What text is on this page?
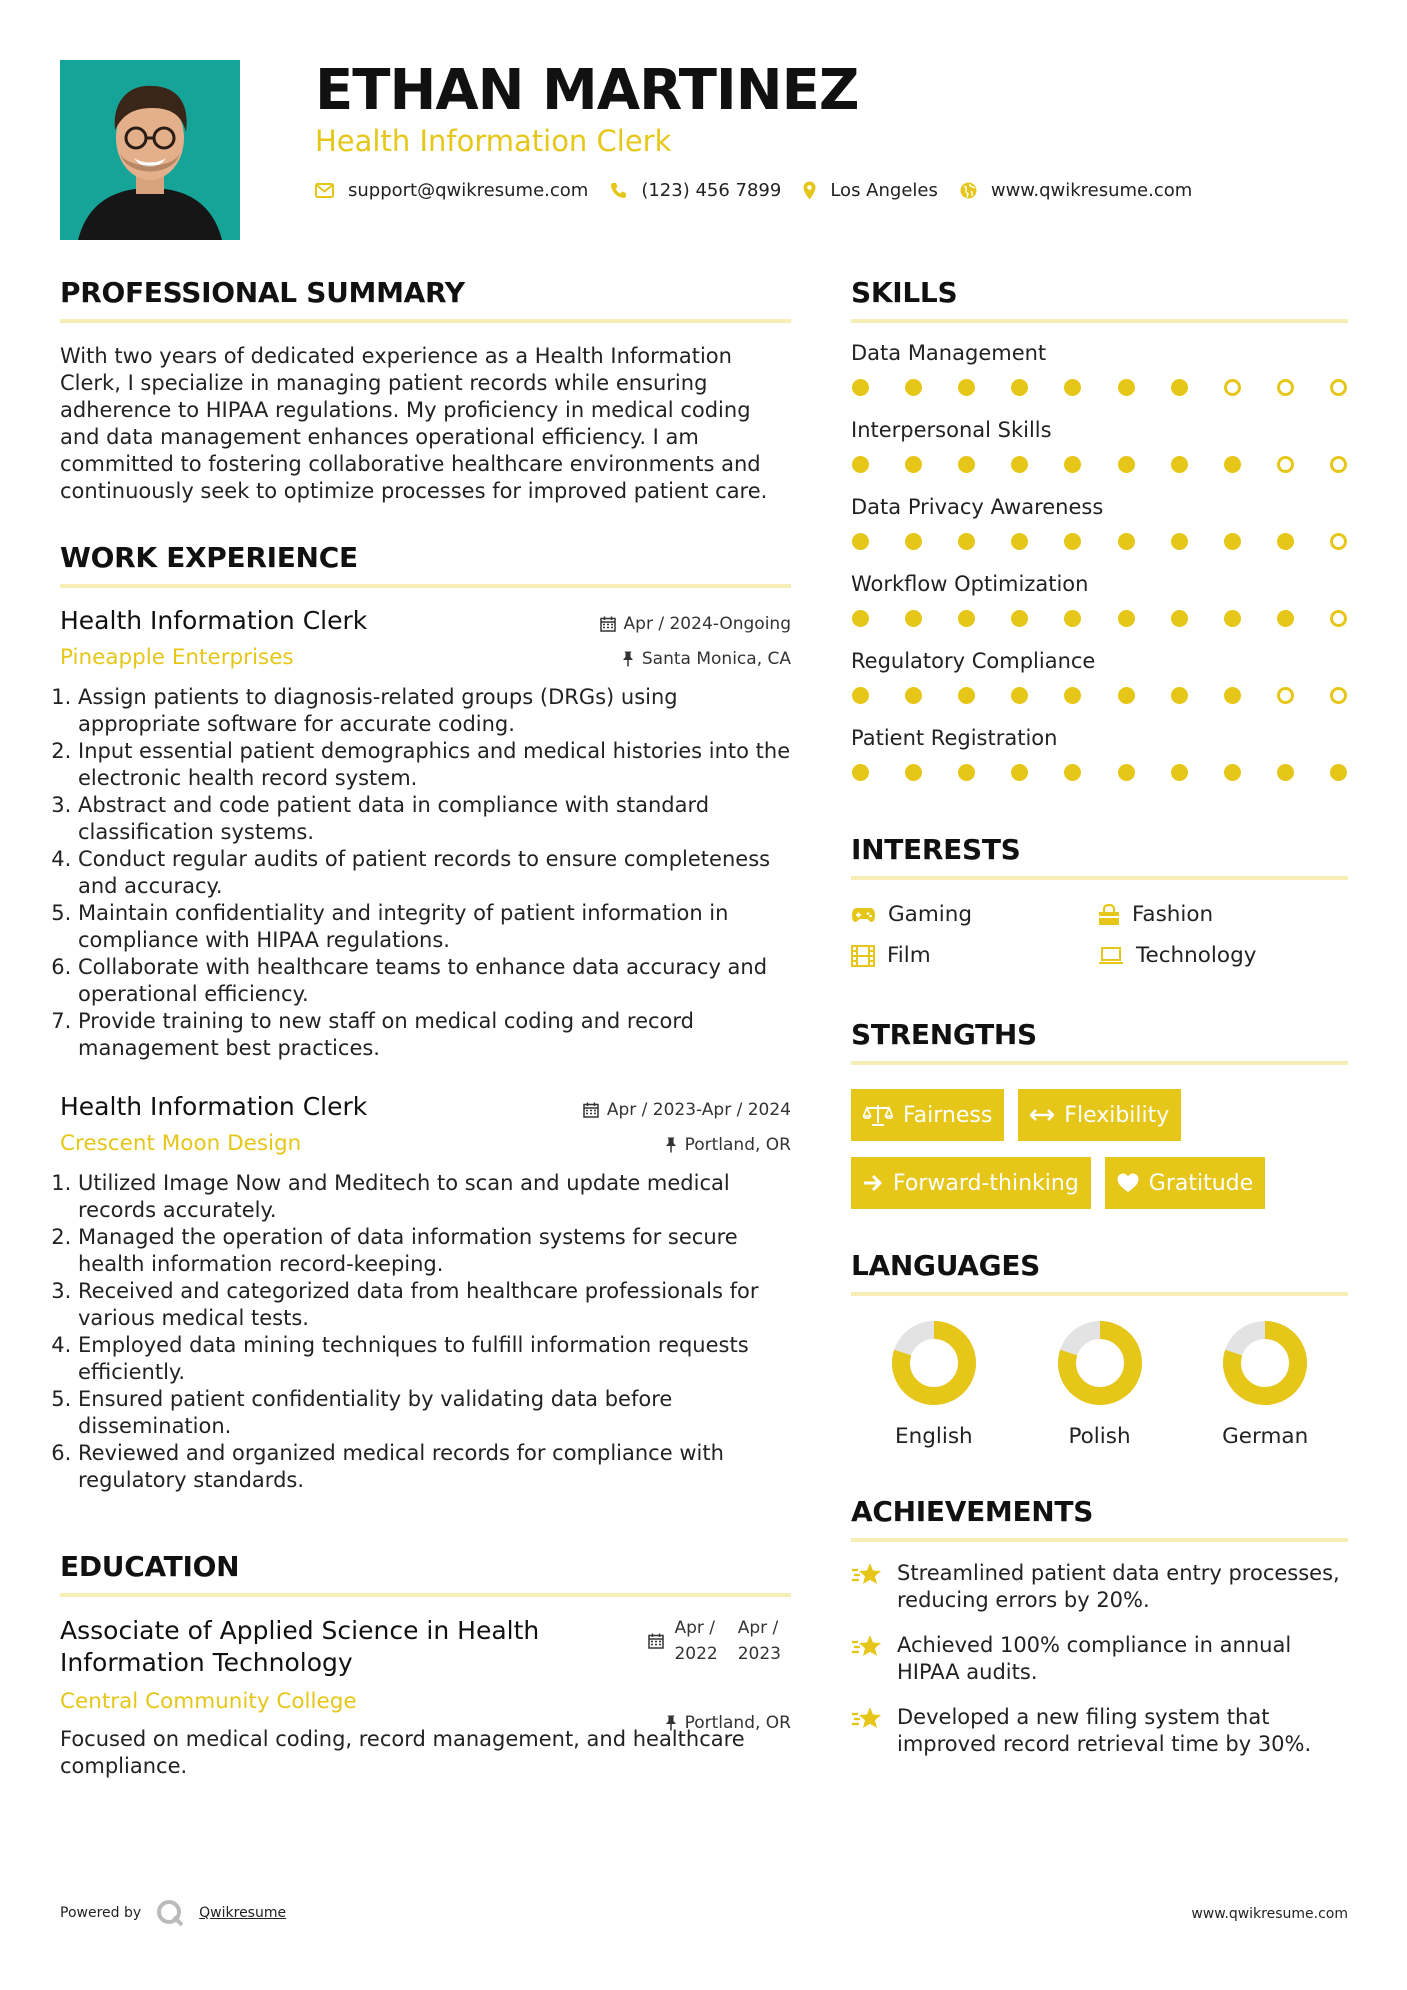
ETHAN MARTINEZ
Health Information Clerk
support@qwikresume.com	(123) 456 7899	Los Angeles	www.qwikresume.com
PROFESSIONAL SUMMARY
With two years of dedicated experience as a Health Information Clerk, I specialize in managing patient records while ensuring adherence to HIPAA regulations. My proficiency in medical coding and data management enhances operational efficiency. I am committed to fostering collaborative healthcare environments and continuously seek to optimize processes for improved patient care.
WORK EXPERIENCE
Apr / 2024-Ongoing
Santa Monica, CA
Health Information Clerk
Pineapple Enterprises
1. Assign patients to diagnosis-related groups (DRGs) using appropriate software for accurate coding.
2. Input essential patient demographics and medical histories into the electronic health record system.
3. Abstract and code patient data in compliance with standard classification systems.
4. Conduct regular audits of patient records to ensure completeness and accuracy.
5. Maintain confidentiality and integrity of patient information in compliance with HIPAA regulations.
6. Collaborate with healthcare teams to enhance data accuracy and operational efficiency.
7. Provide training to new staff on medical coding and record management best practices.
Apr / 2023-Apr / 2024
Portland, OR
Health Information Clerk
Crescent Moon Design
1. Utilized Image Now and Meditech to scan and update medical records accurately.
2. Managed the operation of data information systems for secure health information record-keeping.
3. Received and categorized data from healthcare professionals for various medical tests.
4. Employed data mining techniques to fulfill information requests efficiently.
5. Ensured patient confidentiality by validating data before dissemination.
6. Reviewed and organized medical records for compliance with regulatory standards.
EDUCATION
Apr /
2022
Apr /
2023
Associate of Applied Science in Health Information Technology
Portland, OR
Central Community College
Focused on medical coding, record management, and healthcare compliance.
SKILLS
Data Management
Interpersonal Skills
Data Privacy Awareness
Workflow Optimization
Regulatory Compliance
Patient Registration
INTERESTS
Gaming	Fashion
Film	Technology
STRENGTHS
Fairness	Flexibility
Forward-thinking	Gratitude
LANGUAGES
English	Polish	German
ACHIEVEMENTS
Streamlined patient data entry processes, reducing errors by 20%.
Achieved 100% compliance in annual HIPAA audits.
Developed a new filing system that improved record retrieval time by 30%.
Powered by	Qwikresume	www.qwikresume.com
